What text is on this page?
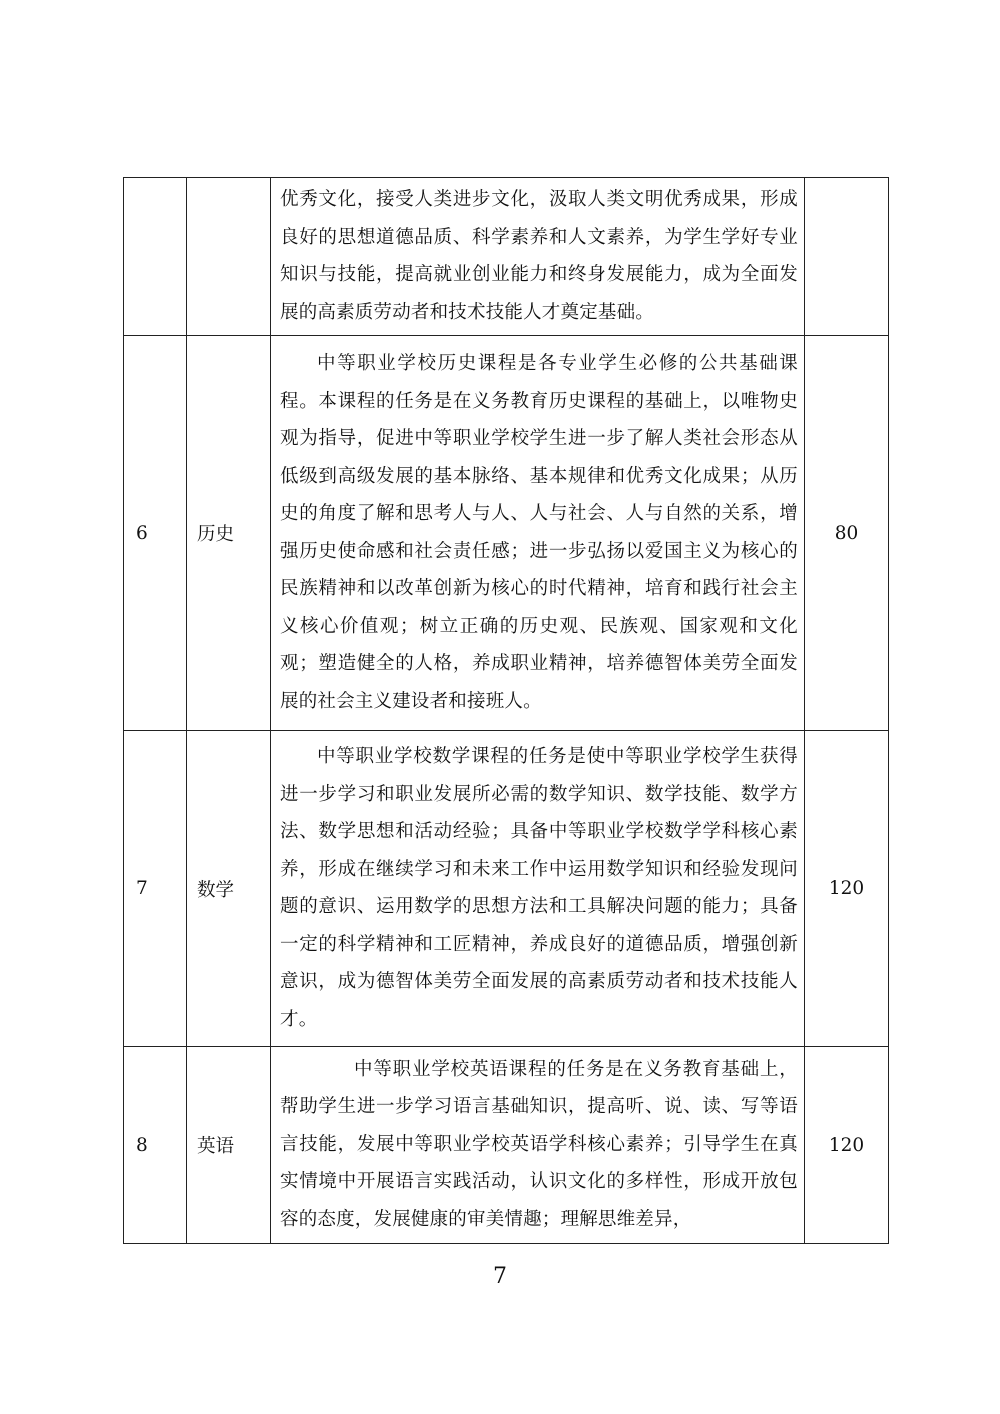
		优秀文化，接受人类进步文化，汲取人类文明优秀成果，形成良好的思想道德品质、科学素养和人文素养，为学生学好专业知识与技能，提高就业创业能力和终身发展能力，成为全面发展的高素质劳动者和技术技能人才奠定基础。	

6	历史	中等职业学校历史课程是各专业学生必修的公共基础课程。本课程的任务是在义务教育历史课程的基础上，以唯物史观为指导，促进中等职业学校学生进一步了解人类社会形态从低级到高级发展的基本脉络、基本规律和优秀文化成果；从历史的角度了解和思考人与人、人与社会、人与自然的关系，增强历史使命感和社会责任感；进一步弘扬以爱国主义为核心的民族精神和以改革创新为核心的时代精神，培育和践行社会主义核心价值观；树立正确的历史观、民族观、国家观和文化观；塑造健全的人格，养成职业精神，培养德智体美劳全面发展的社会主义建设者和接班人。	80
7	数学	中等职业学校数学课程的任务是使中等职业学校学生获得进一步学习和职业发展所必需的数学知识、数学技能、数学方法、数学思想和活动经验；具备中等职业学校数学学科核心素养，形成在继续学习和未来工作中运用数学知识和经验发现问题的意识、运用数学的思想方法和工具解决问题的能力；具备一定的科学精神和工匠精神，养成良好的道德品质，增强创新意识，成为德智体美劳全面发展的高素质劳动者和技术技能人才。	120
8	英语	中等职业学校英语课程的任务是在义务教育基础上，帮助学生进一步学习语言基础知识，提高听、说、读、写等语言技能，发展中等职业学校英语学科核心素养；引导学生在真实情境中开展语言实践活动，认识文化的多样性，形成开放包容的态度，发展健康的审美情趣；理解思维差异，	120
7
